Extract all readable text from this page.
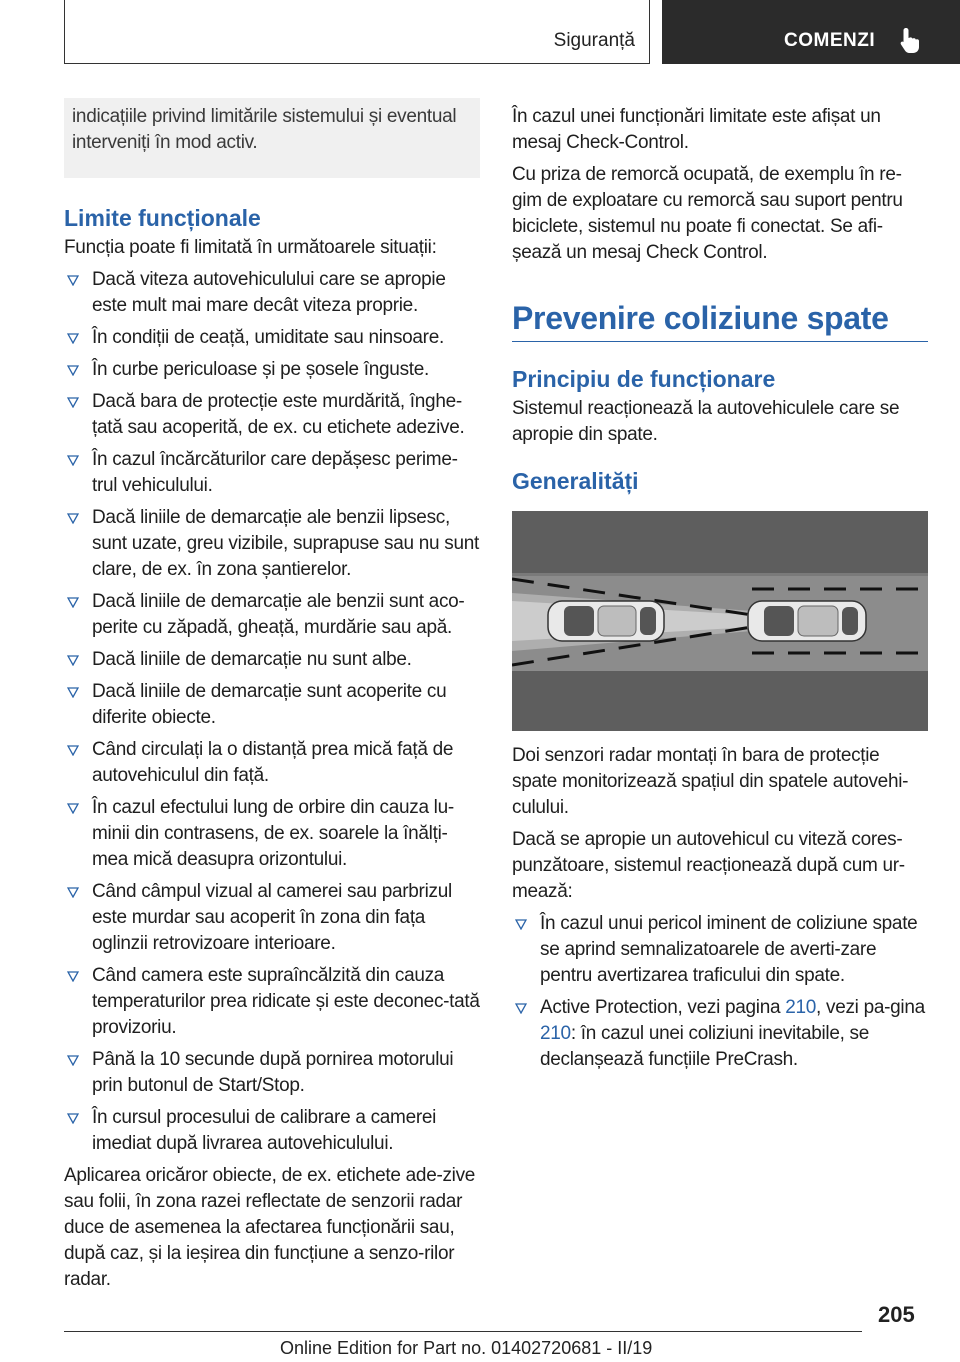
Siguranță	COMENZI

indicațiile privind limitările sistemului și eventual interveniți în mod activ.

Limite funcționale

Funcția poate fi limitată în următoarele situații:

Dacă viteza autovehiculului care se apropie este mult mai mare decât viteza proprie.
În condiții de ceață, umiditate sau ninsoare.
În curbe periculoase și pe șosele înguste.
Dacă bara de protecție este murdărită, înghe-țată sau acoperită, de ex. cu etichete adezive.
În cazul încărcăturilor care depășesc perime-trul vehiculului.
Dacă liniile de demarcație ale benzii lipsesc, sunt uzate, greu vizibile, suprapuse sau nu sunt clare, de ex. în zona șantierelor.
Dacă liniile de demarcație ale benzii sunt aco-perite cu zăpadă, gheață, murdărie sau apă.
Dacă liniile de demarcație nu sunt albe.
Dacă liniile de demarcație sunt acoperite cu diferite obiecte.
Când circulați la o distanță prea mică față de autovehiculul din față.
În cazul efectului lung de orbire din cauza lu-minii din contrasens, de ex. soarele la înălți-mea mică deasupra orizontului.
Când câmpul vizual al camerei sau parbrizul este murdar sau acoperit în zona din fața oglinzii retrovizoare interioare.
Când camera este supraîncălzită din cauza temperaturilor prea ridicate și este deconec-tată provizoriu.
Până la 10 secunde după pornirea motorului prin butonul de Start/Stop.
În cursul procesului de calibrare a camerei imediat după livrarea autovehiculului.

Aplicarea oricăror obiecte, de ex. etichete ade-zive sau folii, în zona razei reflectate de senzorii radar duce de asemenea la afectarea funcționării sau, după caz, și la ieșirea din funcțiune a senzo-rilor radar.

În cazul unei funcționări limitate este afișat un mesaj Check-Control.

Cu priza de remorcă ocupată, de exemplu în re-gim de exploatare cu remorcă sau suport pentru biciclete, sistemul nu poate fi conectat. Se afi-șează un mesaj Check Control.

Prevenire coliziune spate
Principiu de funcționare

Sistemul reacționează la autovehiculele care se apropie din spate.

Generalități

Doi senzori radar montați în bara de protecție spate monitorizează spațiul din spatele autovehi-culului.

Dacă se apropie un autovehicul cu viteză cores-punzătoare, sistemul reacționează după cum ur-mează:

În cazul unui pericol iminent de coliziune spate se aprind semnalizatoarele de averti-zare pentru avertizarea traficului din spate.
Active Protection, vezi pagina 210, vezi pa-gina 210: în cazul unei coliziuni inevitabile, se declanșează funcțiile PreCrash.
205
Online Edition for Part no. 01402720681 - II/19
